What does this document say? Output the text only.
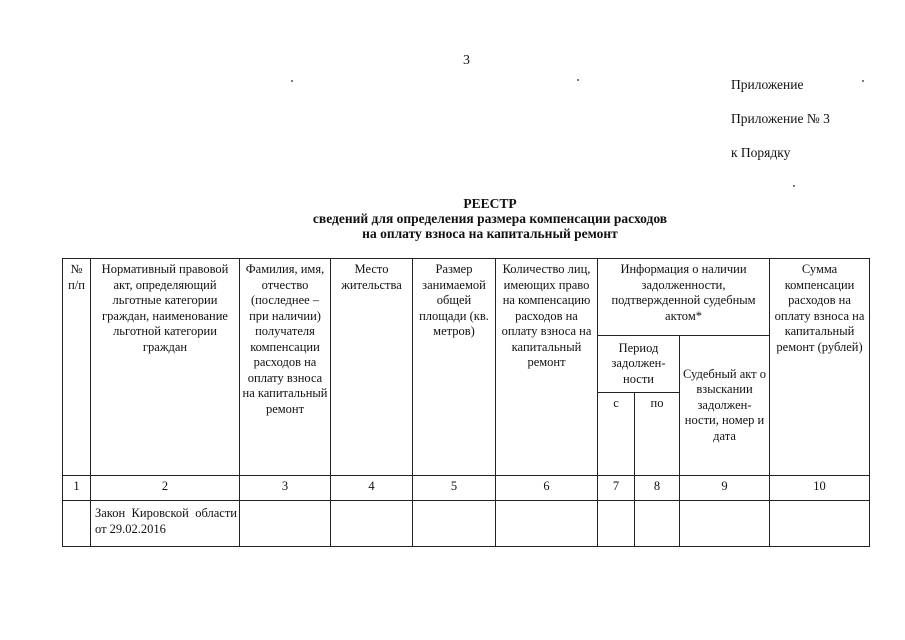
3
Приложение
Приложение № 3
к Порядку
РЕЕСТР
сведений для определения размера компенсации расходов
на оплату взноса на капитальный ремонт
№ п/п	Нормативный правовой акт, определяющий льготные категории граждан, наименование льготной категории граждан	Фамилия, имя, отчество (последнее – при наличии) получателя компенсации расходов на оплату взноса на капитальный ремонт	Место жительства	Размер занимаемой общей площади (кв. метров)	Количество лиц, имеющих право на компенсацию расходов на оплату взноса на капитальный ремонт	Информация о наличии задолженности, подтвержденной судебным актом*			Сумма компенсации расходов на оплату взноса на капитальный ремонт (рублей)
						Период задолжен-ности		Судебный акт о взыскании задолжен-ности, номер и дата	
						с	по		
1	2	3	4	5	6	7	8	9	10
	Закон Кировской области от 29.02.2016								
